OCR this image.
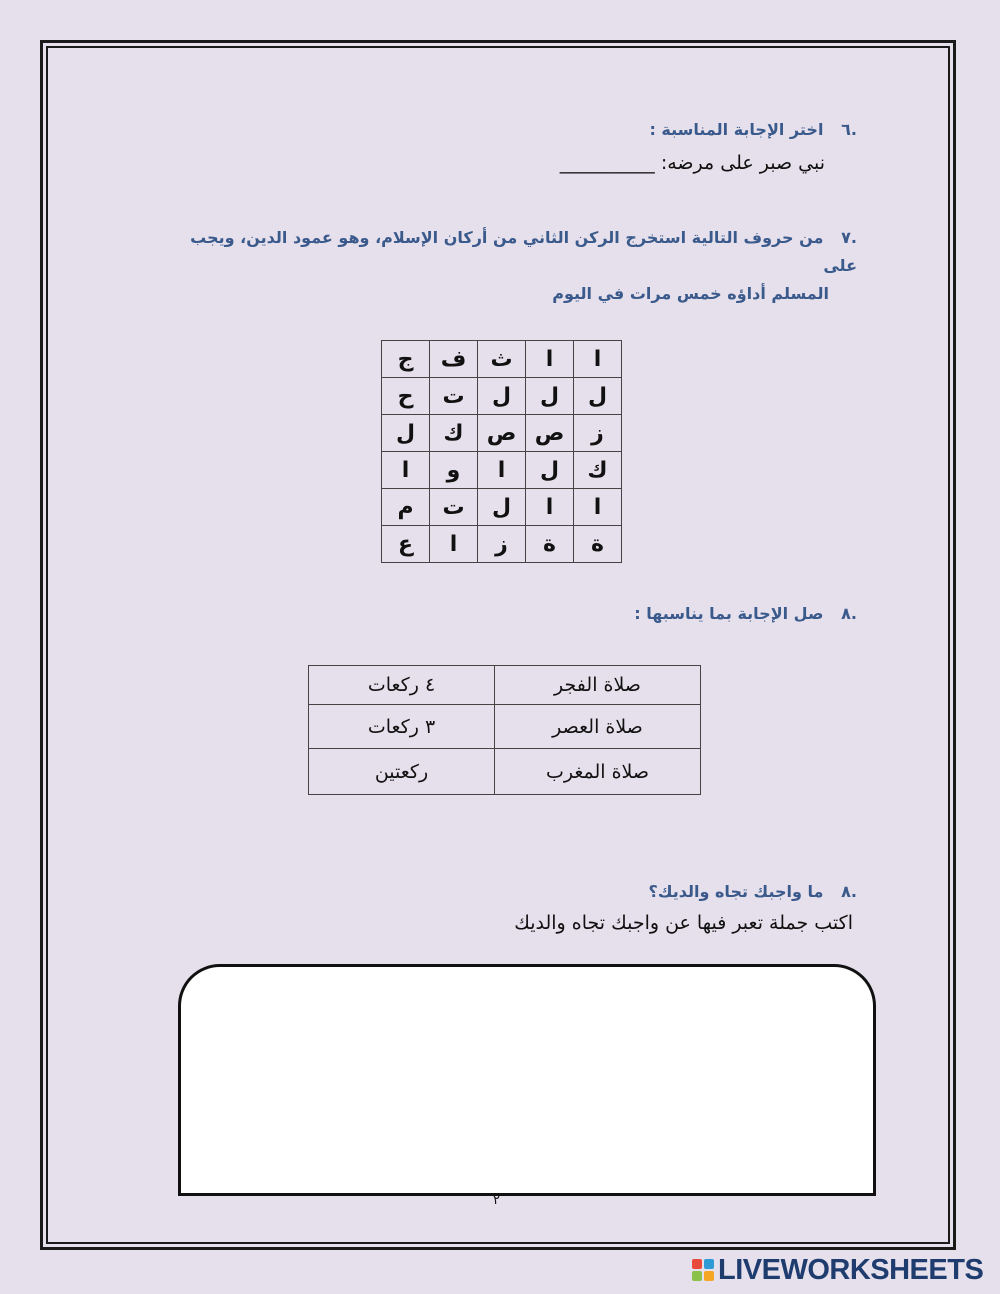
.٦ اختر الإجابة المناسبة :
نبي صبر على مرضه: __________
.٧ من حروف التالية استخرج الركن الثاني من أركان الإسلام، وهو عمود الدين، ويجب على
المسلم أداؤه خمس مرات في اليوم
ا	ا	ث	ف	ج
ل	ل	ل	ت	ح
ز	ص	ص	ك	ل
ك	ل	ا	و	ا
ا	ا	ل	ت	م
ة	ة	ز	ا	ع
.٨ صل الإجابة بما يناسبها :
صلاة الفجر	٤ ركعات
صلاة العصر	٣ ركعات
صلاة المغرب	ركعتين
.٨ ما واجبك تجاه والديك؟
اكتب جملة تعبر فيها عن واجبك تجاه والديك
٢
LIVEWORKSHEETS
